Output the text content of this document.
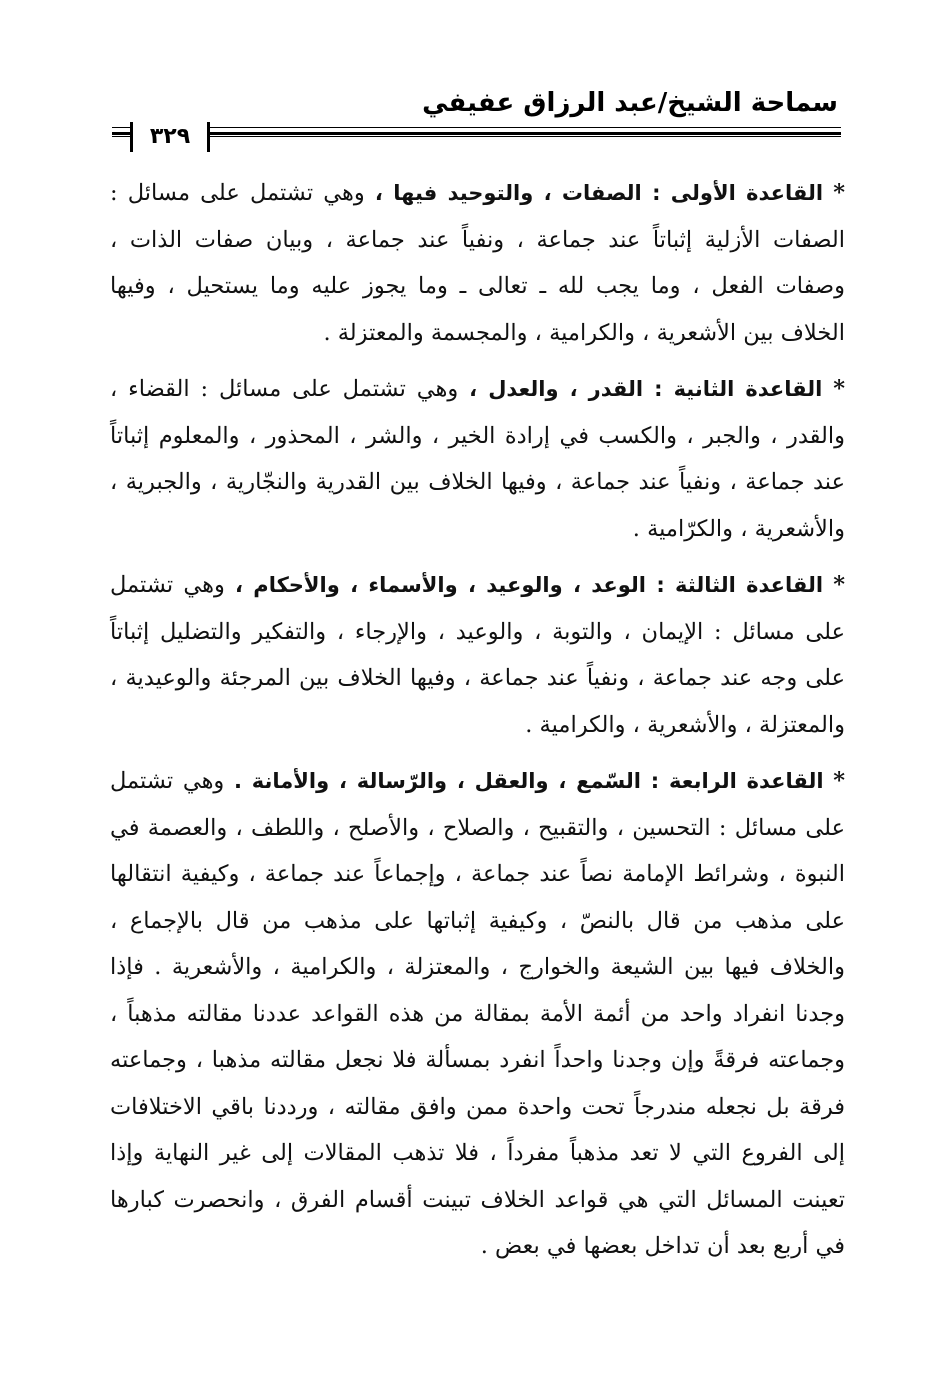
سماحة الشيخ/عبد الرزاق عفيفي
٣٢٩

* القاعدة الأولى : الصفات ، والتوحيد فيها ، وهي تشتمل على مسائل : الصفات الأزلية إثباتاً عند جماعة ، ونفياً عند جماعة ، وبيان صفات الذات ، وصفات الفعل ، وما يجب لله ـ تعالى ـ وما يجوز عليه وما يستحيل ، وفيها الخلاف بين الأشعرية ، والكرامية ، والمجسمة والمعتزلة .

* القاعدة الثانية : القدر ، والعدل ، وهي تشتمل على مسائل : القضاء ، والقدر ، والجبر ، والكسب في إرادة الخير ، والشر ، المحذور ، والمعلوم إثباتاً عند جماعة ، ونفياً عند جماعة ، وفيها الخلاف بين القدرية والنجّارية ، والجبرية ، والأشعرية ، والكرّامية .

* القاعدة الثالثة : الوعد ، والوعيد ، والأسماء ، والأحكام ، وهي تشتمل على مسائل : الإيمان ، والتوبة ، والوعيد ، والإرجاء ، والتفكير والتضليل إثباتاً على وجه عند جماعة ، ونفياً عند جماعة ، وفيها الخلاف بين المرجئة والوعيدية ، والمعتزلة ، والأشعرية ، والكرامية .

* القاعدة الرابعة : السّمع ، والعقل ، والرّسالة ، والأمانة . وهي تشتمل على مسائل : التحسين ، والتقبيح ، والصلاح ، والأصلح ، واللطف ، والعصمة في النبوة ، وشرائط الإمامة نصاً عند جماعة ، وإجماعاً عند جماعة ، وكيفية انتقالها على مذهب من قال بالنصّ ، وكيفية إثباتها على مذهب من قال بالإجماع ، والخلاف فيها بين الشيعة والخوارج ، والمعتزلة ، والكرامية ، والأشعرية . فإذا وجدنا انفراد واحد من أئمة الأمة بمقالة من هذه القواعد عددنا مقالته مذهباً ، وجماعته فرقةً وإن وجدنا واحداً انفرد بمسألة فلا نجعل مقالته مذهبا ، وجماعته فرقة بل نجعله مندرجاً تحت واحدة ممن وافق مقالته ، ورددنا باقي الاختلافات إلى الفروع التي لا تعد مذهباً مفرداً ، فلا تذهب المقالات إلى غير النهاية وإذا تعينت المسائل التي هي قواعد الخلاف تبينت أقسام الفرق ، وانحصرت كبارها في أربع بعد أن تداخل بعضها في بعض .
